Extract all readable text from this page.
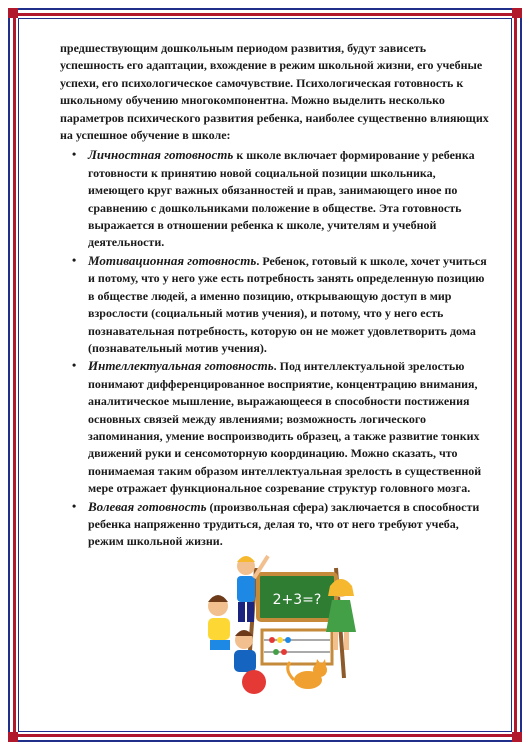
предшествующим дошкольным периодом развития, будут зависеть успешность его адаптации, вхождение в режим школьной жизни, его учебные успехи, его психологическое самочувствие. Психологическая готовность к школьному обучению многокомпонентна. Можно выделить несколько параметров психического развития ребенка, наиболее существенно влияющих на успешное обучение в школе:

• Личностная готовность к школе включает формирование у ребенка готовности к принятию новой социальной позиции школьника, имеющего круг важных обязанностей и прав, занимающего иное по сравнению с дошкольниками положение в обществе. Эта готовность выражается в отношении ребенка к школе, учителям и учебной деятельности.
• Мотивационная готовность. Ребенок, готовый к школе, хочет учиться и потому, что у него уже есть потребность занять определенную позицию в обществе людей, а именно позицию, открывающую доступ в мир взрослости (социальный мотив учения), и потому, что у него есть познавательная потребность, которую он не может удовлетворить дома (познавательный мотив учения).
• Интеллектуальная готовность. Под интеллектуальной зрелостью понимают дифференцированное восприятие, концентрацию внимания, аналитическое мышление, выражающееся в способности постижения основных связей между явлениями; возможность логического запоминания, умение воспроизводить образец, а также развитие тонких движений руки и сенсомоторную координацию. Можно сказать, что понимаемая таким образом интеллектуальная зрелость в существенной мере отражает функциональное созревание структур головного мозга.
• Волевая готовность (произвольная сфера) заключается в способности ребенка напряженно трудиться, делая то, что от него требуют учеба, режим школьной жизни.
2+3=?
